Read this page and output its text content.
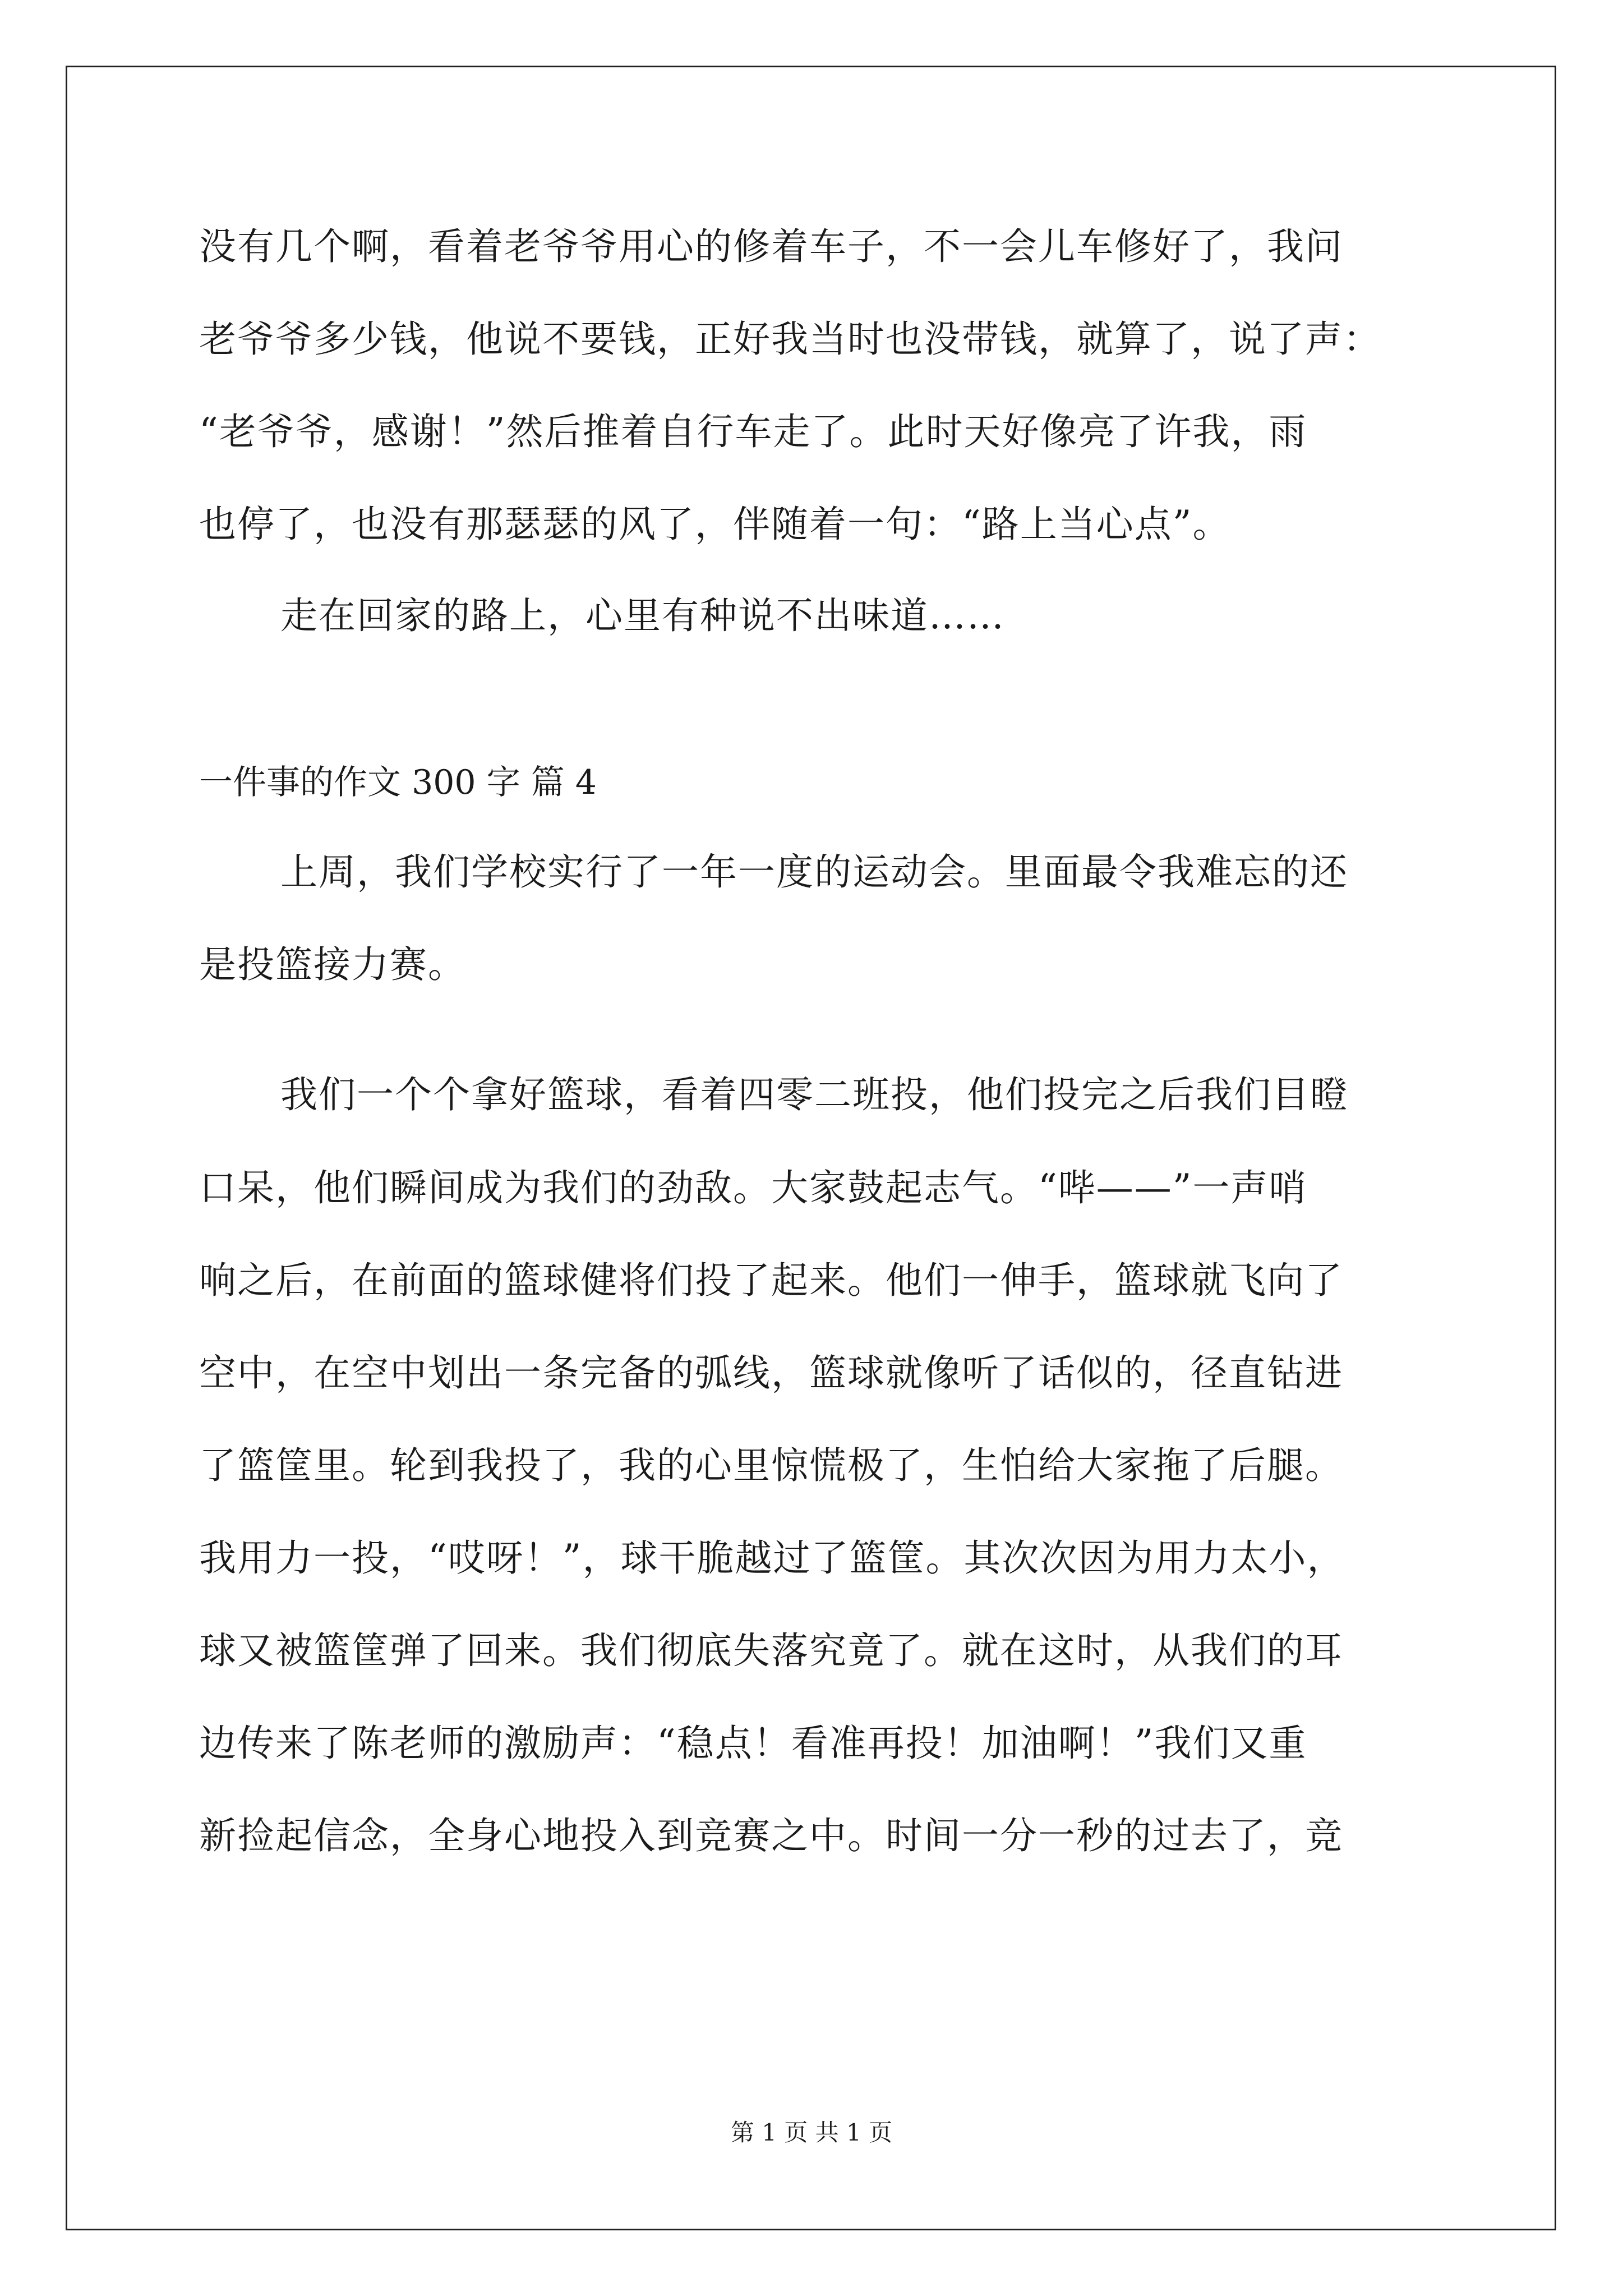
没有几个啊，看着老爷爷用心的修着车子，不一会儿车修好了，我问
老爷爷多少钱，他说不要钱，正好我当时也没带钱，就算了，说了声：
“老爷爷，感谢！”然后推着自行车走了。此时天好像亮了许我，雨
也停了，也没有那瑟瑟的风了，伴随着一句：“路上当心点”。
走在回家的路上，心里有种说不出味道……
一件事的作文 300 字 篇 4
上周，我们学校实行了一年一度的运动会。里面最令我难忘的还
是投篮接力赛。
我们一个个拿好篮球，看着四零二班投，他们投完之后我们目瞪
口呆，他们瞬间成为我们的劲敌。大家鼓起志气。“哔——”一声哨
响之后，在前面的篮球健将们投了起来。他们一伸手，篮球就飞向了
空中，在空中划出一条完备的弧线，篮球就像听了话似的，径直钻进
了篮筐里。轮到我投了，我的心里惊慌极了，生怕给大家拖了后腿。
我用力一投，“哎呀！”，球干脆越过了篮筐。其次次因为用力太小，
球又被篮筐弹了回来。我们彻底失落究竟了。就在这时，从我们的耳
边传来了陈老师的激励声：“稳点！看准再投！加油啊！”我们又重
新捡起信念，全身心地投入到竞赛之中。时间一分一秒的过去了，竞
第 1 页 共 1 页
